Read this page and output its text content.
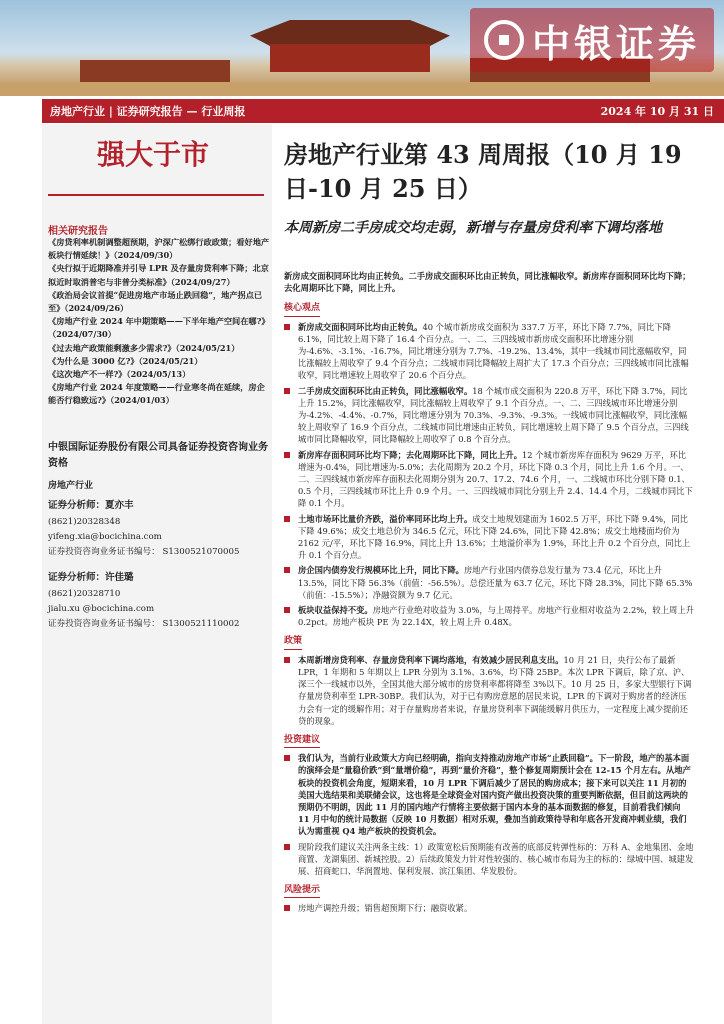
中银证券
房地产行业 | 证券研究报告 — 行业周报	2024 年 10 月 31 日
强大于市
相关研究报告
《房贷利率机制调整超预期，沪深广松绑行政政策；看好地产板块行情延续！》（2024/09/30）
《央行拟于近期降准并引导 LPR 及存量房贷利率下降；北京拟近时取消普宅与非普分类标准》（2024/09/27）
《政治局会议首提“促进房地产市场止跌回稳”，地产拐点已至》（2024/09/26）
《房地产行业 2024 年中期策略——下半年地产空间在哪?》（2024/07/30）
《过去地产政策能剩激多少需求?》（2024/05/21）
《为什么是 3000 亿?》（2024/05/21）
《这次地产不一样?》（2024/05/13）
《房地产行业 2024 年度策略——行业寒冬尚在延续，房企能否行稳致远?》（2024/01/03）
中银国际证券股份有限公司具备证券投资咨询业务资格
房地产行业
证券分析师：夏亦丰
(8621)20328348
yifeng.xia@bocichina.com
证券投资咨询业务证书编号： S1300521070005
证券分析师：许佳璐
(8621)20328710
jialu.xu @bocichina.com
证券投资咨询业务证书编号： S1300521110002
房地产行业第 43 周周报（10 月 19 日-10 月 25 日）
本周新房二手房成交均走弱，新增与存量房贷利率下调均落地
新房成交面积同环比均由正转负。二手房成交面积环比由正转负，同比涨幅收窄。新房库存面积同环比均下降；去化周期环比下降，同比上升。
核心观点
新房成交面积同环比均由正转负。40 个城市新房成交面积为 337.7 万平，环比下降 7.7%，同比下降 6.1%，同比较上周下降了 16.4 个百分点。一、二、三四线城市新房成交面积环比增速分别为-4.6%、-3.1%、-16.7%，同比增速分别为 7.7%、-19.2%、13.4%，其中一线城市同比涨幅收窄，同比涨幅较上周收窄了 9.4 个百分点；二线城市同比降幅较上周扩大了 17.3 个百分点；三四线城市同比涨幅收窄，同比增速较上周收窄了 20.6 个百分点。
二手房成交面积环比由正转负，同比涨幅收窄。18 个城市成交面积为 220.8 万平，环比下降 3.7%，同比上升 15.2%，同比涨幅收窄，同比涨幅较上周收窄了 9.1 个百分点。一、二、三四线城市环比增速分别为-4.2%、-4.4%、-0.7%，同比增速分别为 70.3%、-9.3%、-9.3%。一线城市同比涨幅收窄，同比涨幅较上周收窄了 16.9 个百分点，二线城市同比增速由正转负，同比增速较上周下降了 9.5 个百分点，三四线城市同比降幅收窄，同比降幅较上周收窄了 0.8 个百分点。
新房库存面积同环比均下降；去化周期环比下降，同比上升。12 个城市新房库存面积为 9629 万平，环比增速为-0.4%，同比增速为-5.0%；去化周期为 20.2 个月，环比下降 0.3 个月，同比上升 1.6 个月。一、二、三四线城市新房库存面积去化周期分别为 20.7、17.2、74.6 个月，一、二线城市环比分别下降 0.1、0.5 个月，三四线城市环比上升 0.9 个月。一、三四线城市同比分别上升 2.4、14.4 个月，二线城市同比下降 0.1 个月。
土地市场环比量价齐跌，溢价率同环比均上升。成交土地规划建面为 1602.5 万平，环比下降 9.4%，同比下降 49.6%；成交土地总价为 346.5 亿元，环比下降 24.6%，同比下降 42.8%；成交土地楼面均价为 2162 元/平，环比下降 16.9%，同比上升 13.6%；土地溢价率为 1.9%，环比上升 0.2 个百分点，同比上升 0.1 个百分点。
房企国内债券发行规模环比上升，同比下降。房地产行业国内债券总发行量为 73.4 亿元，环比上升 13.5%，同比下降 56.3%（前值：-56.5%）。总偿还量为 63.7 亿元，环比下降 28.3%，同比下降 65.3%（前值：-15.5%）；净融资额为 9.7 亿元。
板块収益保持不变。房地产行业绝对收益为 3.0%，与上周持平。房地产行业相对收益为 2.2%，较上周上升 0.2pct。房地产板块 PE 为 22.14X，较上周上升 0.48X。
政策
本周新增房贷利率、存量房贷利率下调均落地，有效减少居民利息支出。10 月 21 日，央行公布了最新 LPR，1 年期和 5 年期以上 LPR 分别为 3.1%、3.6%，均下降 25BP。本次 LPR 下调后，除了京、沪、深三个一线城市以外，全国其他大部分城市的房贷利率都将降至 3%以下。10 月 25 日，多家大型银行下调存量房贷利率至 LPR-30BP。我们认为，对于已有购房意愿的居民来说，LPR 的下调对于购房者的经济压力会有一定的缓解作用；对于存量购房者来说，存量房贷利率下调能缓解月供压力，一定程度上减少提前还贷的现象。
投资建议
我们认为，当前行业政策大方向已经明确，指向支持推动房地产市场“止跌回稳”。下一阶段，地产的基本面的演绎会是“量稳价跌”到“量增价稳”，再到“量价齐稳”，整个修复周期预计会在 12-15 个月左右。从地产板块的投资机会角度，短期来看，10 月 LPR 下调后减少了居民的购房成本；接下来可以关注 11 月初的美国大选结果和美联储会议，这也将是全球资金对国内资产做出投资决策的重要判断依据，但目前这两块的预期仍不明朗，因此 11 月的国内地产行情将主要依据于国内本身的基本面数据的修复，目前看我们倾向 11 月中旬的统计局数据（反映 10 月数据）相对乐观，叠加当前政策待导和年底各开发商冲刺业绩，我们认为需重视 Q4 地产板块的投资机会。
现阶段我们建议关注两条主线：1）政策宽松后预期能有改善的底部反转弹性标的：万科 A、金地集团、金地商置、龙湖集团、新城控股。2）后续政策发力针对性较强的、核心城市布局为主的标的：绿城中国、城建发展、招商蛇口、华润置地、保利发展、滨江集团、华发股份。
风险提示
房地产调控升级；销售超预期下行；融资收紧。
